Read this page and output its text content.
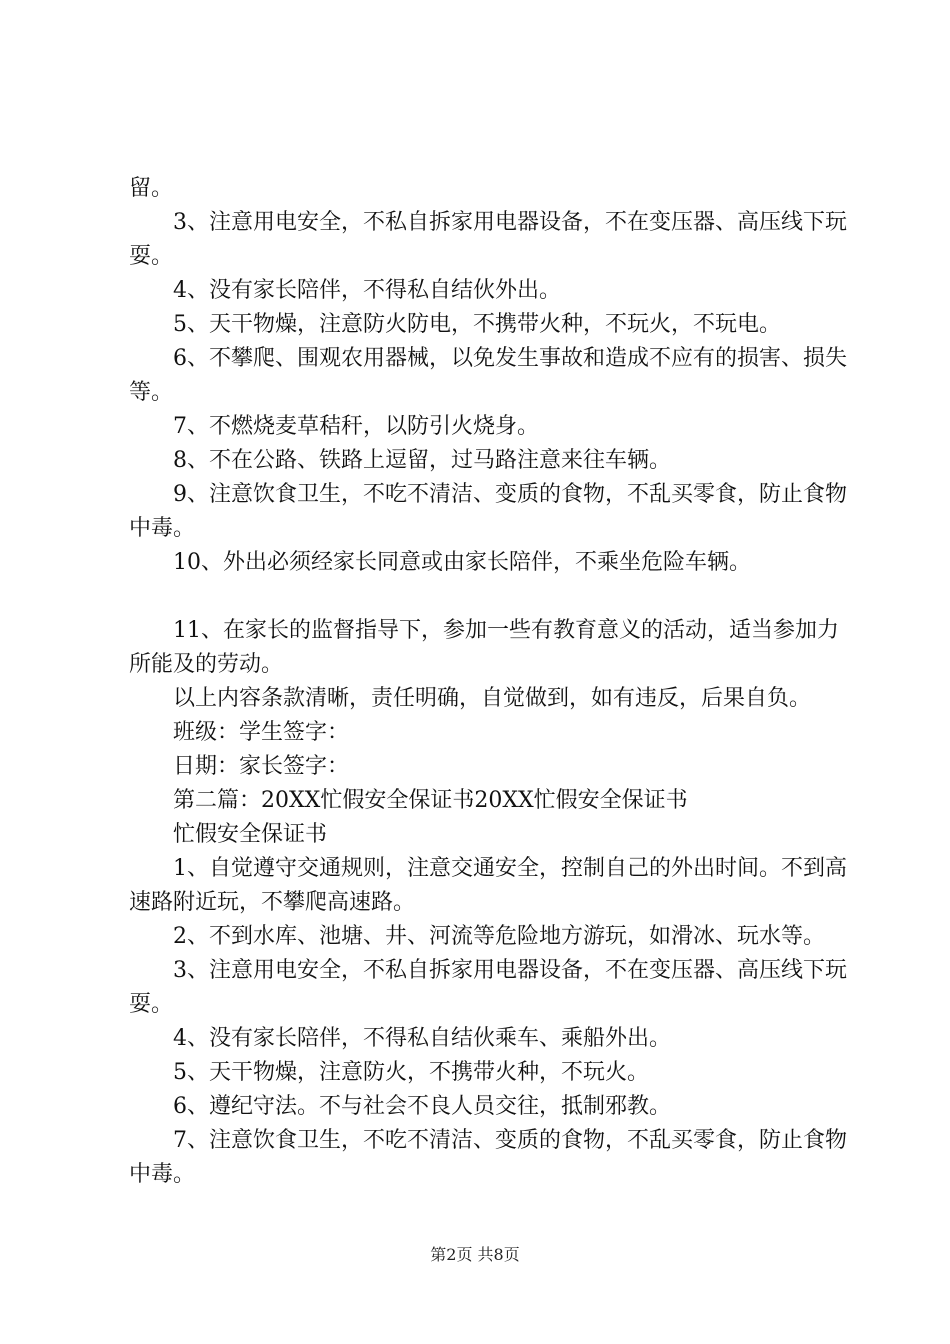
留。

3、注意用电安全，不私自拆家用电器设备，不在变压器、高压线下玩耍。

4、没有家长陪伴，不得私自结伙外出。

5、天干物燥，注意防火防电，不携带火种，不玩火，不玩电。

6、不攀爬、围观农用器械，以免发生事故和造成不应有的损害、损失等。

7、不燃烧麦草秸秆，以防引火烧身。

8、不在公路、铁路上逗留，过马路注意来往车辆。

9、注意饮食卫生，不吃不清洁、变质的食物，不乱买零食，防止食物中毒。

10、外出必须经家长同意或由家长陪伴，不乘坐危险车辆。

11、在家长的监督指导下，参加一些有教育意义的活动，适当参加力所能及的劳动。

以上内容条款清晰，责任明确，自觉做到，如有违反，后果自负。

班级：学生签字：

日期：家长签字：

第二篇：20XX忙假安全保证书20XX忙假安全保证书

忙假安全保证书

1、自觉遵守交通规则，注意交通安全，控制自己的外出时间。不到高速路附近玩，不攀爬高速路。

2、不到水库、池塘、井、河流等危险地方游玩，如滑冰、玩水等。

3、注意用电安全，不私自拆家用电器设备，不在变压器、高压线下玩耍。

4、没有家长陪伴，不得私自结伙乘车、乘船外出。

5、天干物燥，注意防火，不携带火种，不玩火。

6、遵纪守法。不与社会不良人员交往，抵制邪教。

7、注意饮食卫生，不吃不清洁、变质的食物，不乱买零食，防止食物中毒。

第2页 共8页
